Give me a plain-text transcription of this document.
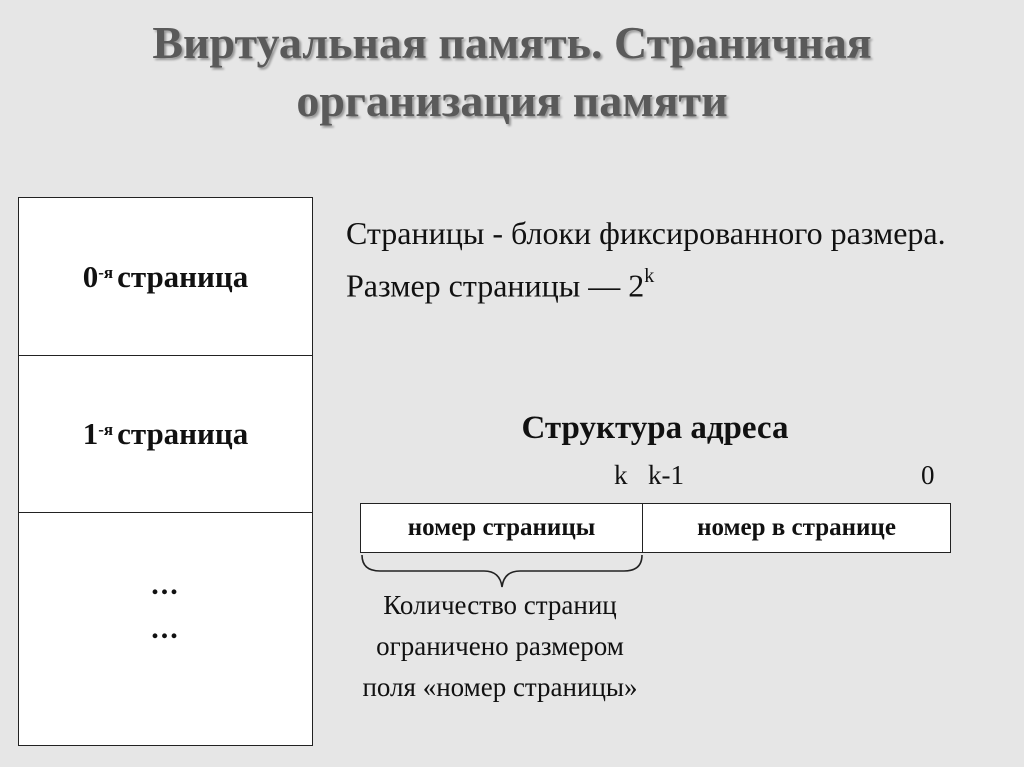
Виртуальная память. Страничная
организация памяти
$0^{-я}$ страница
$1^{-я}$ страница
...
...

Страницы - блоки фиксированного размера. Размер страницы — 2$^k$

Структура адреса
k k-1	0
номер страницы	номер в странице

Количество страниц
ограничено размером
поля «номер страницы»
